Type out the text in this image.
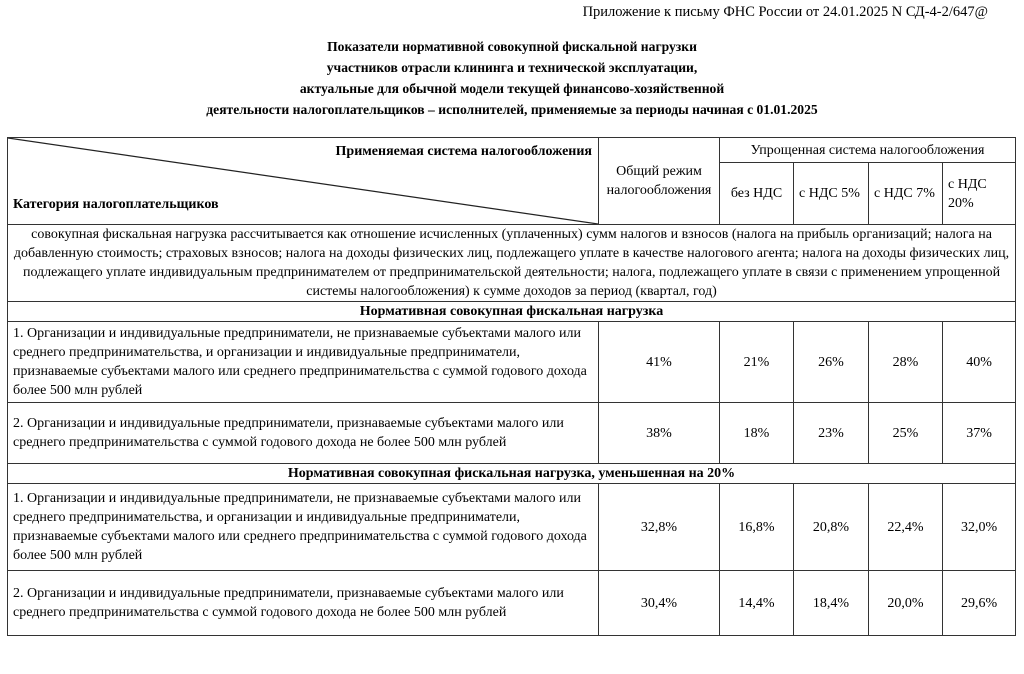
Приложение к письму ФНС России от 24.01.2025 N СД-4-2/647@
Показатели нормативной совокупной фискальной нагрузки
участников отрасли клининга и технической эксплуатации,
актуальные для обычной модели текущей финансово-хозяйственной
деятельности налогоплательщиков – исполнителей, применяемые за периоды начиная с 01.01.2025
Применяемая система налогообложения
Категория налогоплательщиков	Общий режим налогообложения	Упрощенная система налогообложения			
		без НДС	с НДС 5%	с НДС 7%	с НДС 20%
совокупная фискальная нагрузка рассчитывается как отношение исчисленных (уплаченных) сумм налогов и взносов (налога на прибыль организаций; налога на добавленную стоимость; страховых взносов; налога на доходы физических лиц, подлежащего уплате в качестве налогового агента; налога на доходы физических лиц, подлежащего уплате индивидуальным предпринимателем от предпринимательской деятельности; налога, подлежащего уплате в связи с применением упрощенной системы налогообложения) к сумме доходов за период (квартал, год)					
Нормативная совокупная фискальная нагрузка					
1. Организации и индивидуальные предприниматели, не признаваемые субъектами малого или среднего предпринимательства, и организации и индивидуальные предприниматели, признаваемые субъектами малого или среднего предпринимательства с суммой годового дохода более 500 млн рублей	41%	21%	26%	28%	40%
2. Организации и индивидуальные предприниматели, признаваемые субъектами малого или среднего предпринимательства с суммой годового дохода не более 500 млн рублей	38%	18%	23%	25%	37%
Нормативная совокупная фискальная нагрузка, уменьшенная на 20%					
1. Организации и индивидуальные предприниматели, не признаваемые субъектами малого или среднего предпринимательства, и организации и индивидуальные предприниматели, признаваемые субъектами малого или среднего предпринимательства с суммой годового дохода более 500 млн рублей	32,8%	16,8%	20,8%	22,4%	32,0%
2. Организации и индивидуальные предприниматели, признаваемые субъектами малого или среднего предпринимательства с суммой годового дохода не более 500 млн рублей	30,4%	14,4%	18,4%	20,0%	29,6%
